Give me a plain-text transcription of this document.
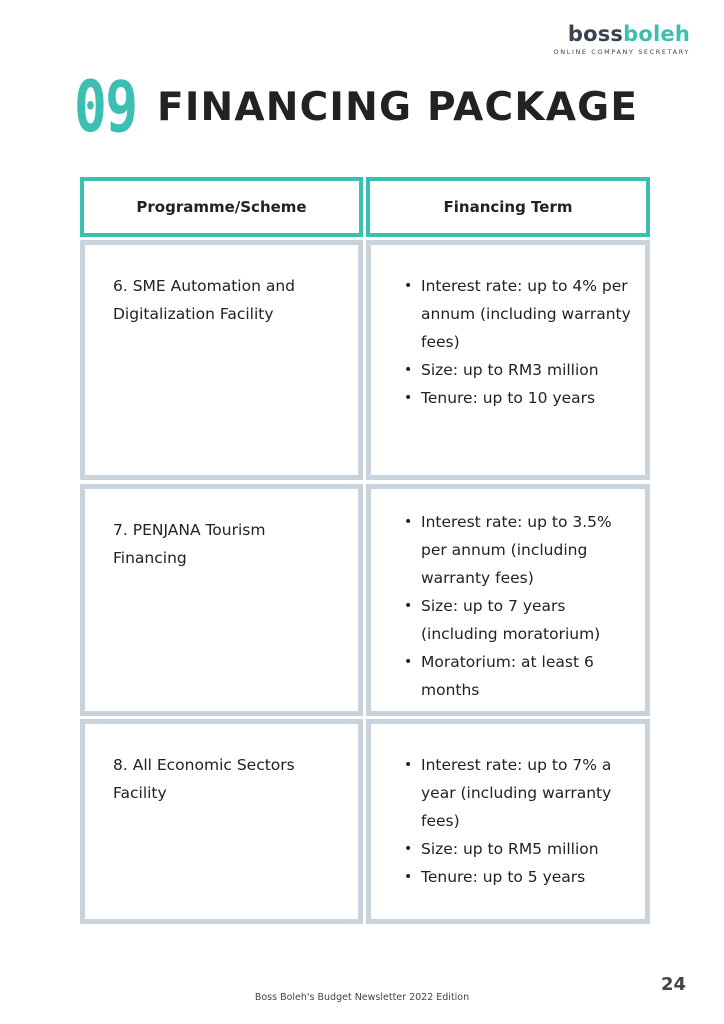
bossboleh
ONLINE COMPANY SECRETARY
09 FINANCING PACKAGE
Programme/Scheme	Financing Term
6. SME Automation and Digitalization Facility
• Interest rate: up to 4% per annum (including warranty fees)
• Size: up to RM3 million
• Tenure: up to 10 years
7. PENJANA Tourism Financing
• Interest rate: up to 3.5% per annum (including warranty fees)
• Size: up to 7 years (including moratorium)
• Moratorium: at least 6 months
8. All Economic Sectors Facility
• Interest rate: up to 7% a year (including warranty fees)
• Size: up to RM5 million
• Tenure: up to 5 years
Boss Boleh's Budget Newsletter 2022 Edition
24
